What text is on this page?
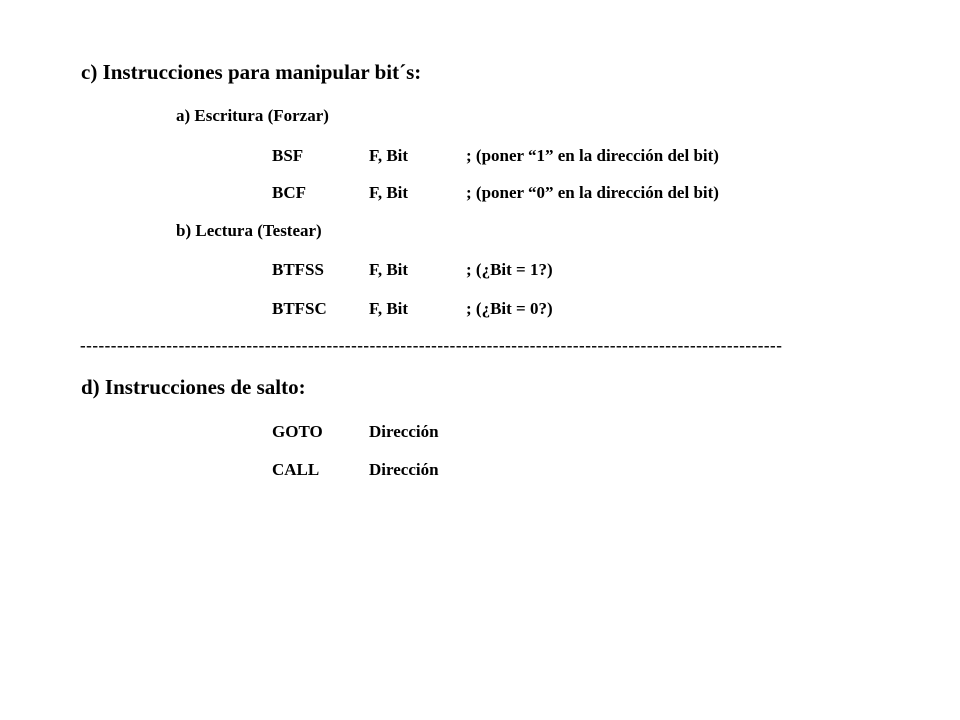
c) Instrucciones para manipular bit´s:
a) Escritura (Forzar)
BSF	F, Bit	; (poner “1” en la dirección del bit)
BCF	F, Bit	; (poner “0” en la dirección del bit)
b) Lectura (Testear)
BTFSS	F, Bit	; (¿Bit = 1?)
BTFSC F, Bit	; (¿Bit = 0?)
------------------------------------------------------------------------------------------------------------------
d) Instrucciones de salto:
GOTO	Dirección
CALL	Dirección
